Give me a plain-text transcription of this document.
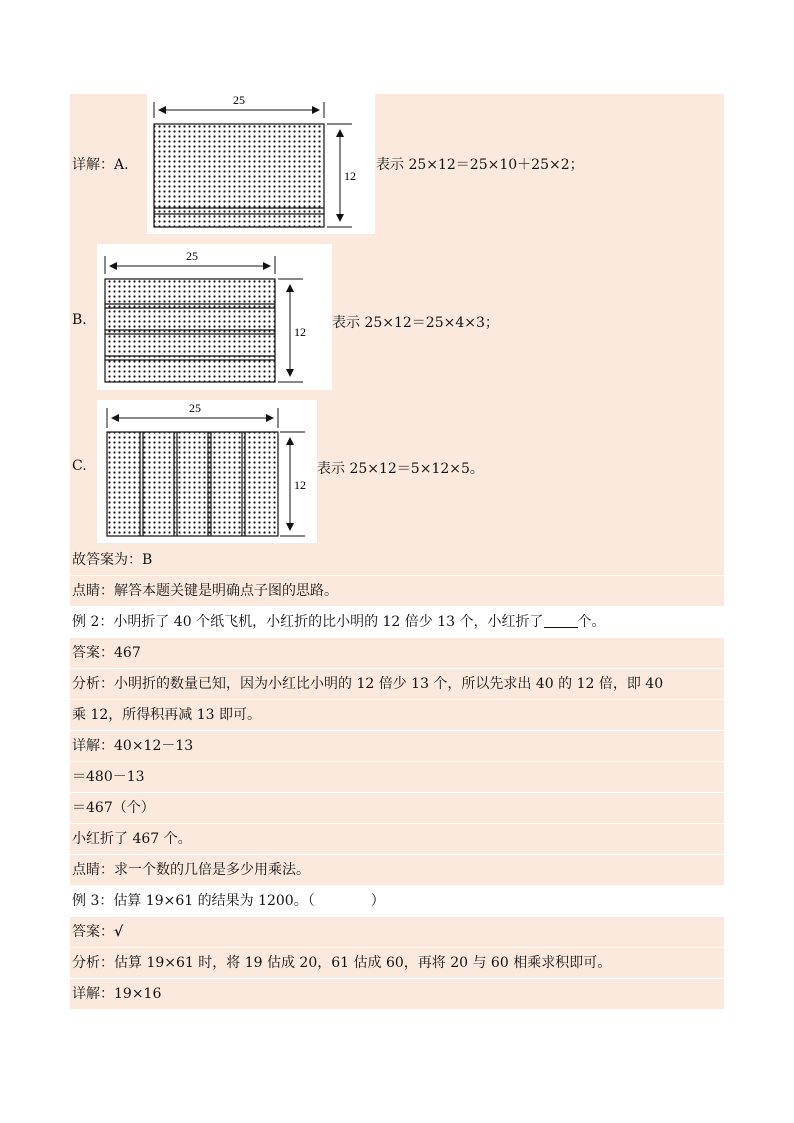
详解：A.
25
12
表示 25×12＝25×10＋25×2；
B.
25
12
表示 25×12＝25×4×3；
C.
25
12
表示 25×12＝5×12×5。
故答案为：B
点睛：解答本题关键是明确点子图的思路。
例 2：小明折了 40 个纸飞机，小红折的比小明的 12 倍少 13 个，小红折了 个。
答案：467
分析：小明折的数量已知，因为小红比小明的 12 倍少 13 个，所以先求出 40 的 12 倍，即 40
乘 12，所得积再减 13 即可。
详解：40×12－13
＝480－13
＝467（个）
小红折了 467 个。
点睛：求一个数的几倍是多少用乘法。
例 3：估算 19×61 的结果为 1200。（　　　　）
答案：√
分析：估算 19×61 时，将 19 估成 20，61 估成 60，再将 20 与 60 相乘求积即可。
详解：19×16
